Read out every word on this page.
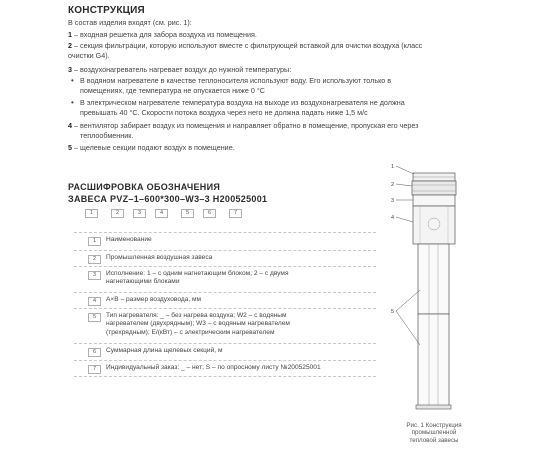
КОНСТРУКЦИЯ
В состав изделия входят (см. рис. 1):
1 – входная решетка для забора воздуха из помещения.
2 – секция фильтрации, которую используют вместе с фильтрующей вставкой для очистки воздуха (класс
очистки G4).
3 – воздухонагреватель нагревает воздух до нужной температуры:
• В водяном нагревателе в качестве теплоносителя используют воду. Его используют только в
помещениях, где температура не опускается ниже 0 °С
• В электрическом нагревателе температура воздуха на выходе из воздухонагревателя не должна
превышать 40 °С. Скорости потока воздуха через него не должна падать ниже 1,5 м/с
4 – вентилятор забирает воздух из помещения и направляет обратно в помещение, пропуская его через
теплообменник.
5 – щелевые секции подают воздух в помещение.
РАСШИФРОВКА ОБОЗНАЧЕНИЯ
ЗАВЕСА PVZ–1–600*300–W3–3 H200525001
1	2	3	4	5	6	7
1	Наименование
2	Промышленная воздушная завеса
3	Исполнение: 1 – с одним нагнетающим блоком; 2 – с двумя
нагнетающими блоками
4	A×B – размер воздуховода, мм
5	Тип нагревателя: _ – без нагрева воздуха; W2 – с водяным
нагревателем (двухрядным); W3 – с водяным нагревателем
(трехрядным); E/(кВт) – с электрическим нагревателем
6	Суммарная длина щелевых секций, м
7	Индивидуальный заказ: _ – нет; S – по опросному листу №200525001
1
2
3
4
5
Рис. 1 Конструкция
промышленной
тепловой завесы
